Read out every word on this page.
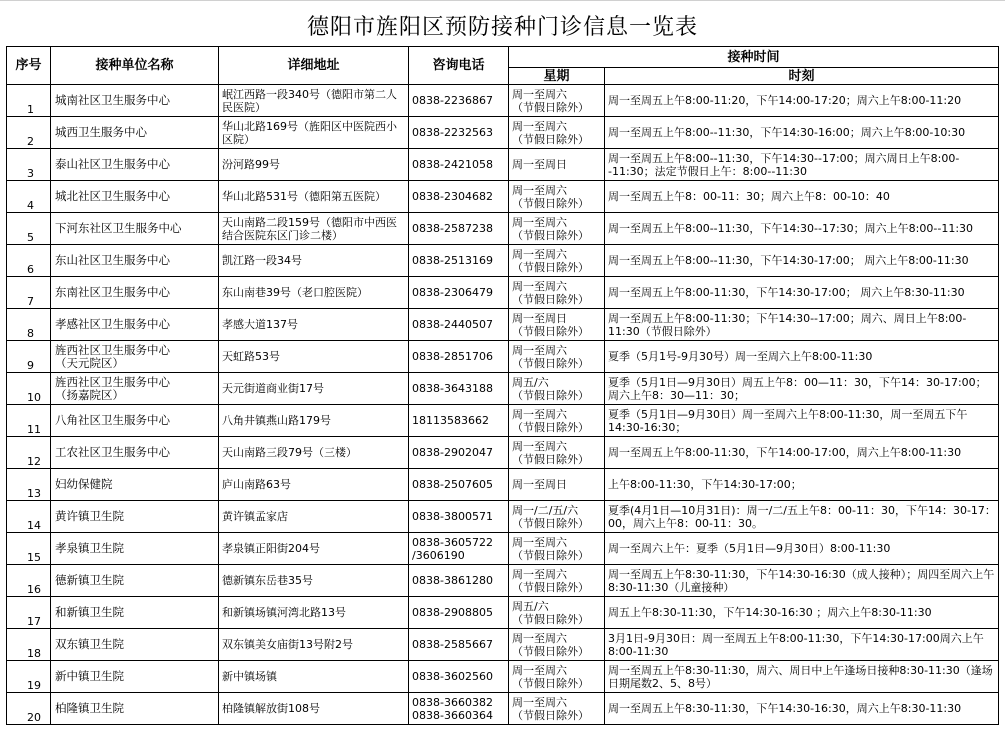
德阳市旌阳区预防接种门诊信息一览表
序号	接种单位名称	详细地址	咨询电话	接种时间	
				星期	时刻
1	城南社区卫生服务中心	岷江西路一段340号（德阳市第二人民医院）	0838-2236867	周一至周六
（节假日除外）	周一至周五上午8:00-11:20，下午14:00-17:20；周六上午8:00-11:20
2	城西卫生服务中心	华山北路169号（旌阳区中医院西小区院）	0838-2232563	周一至周六
（节假日除外）	周一至周五上午8:00--11:30，下午14:30-16:00；周六上午8:00-10:30
3	泰山社区卫生服务中心	汾河路99号	0838-2421058	周一至周日	周一至周五上午8:00--11:30，下午14:30--17:00；周六周日上午8:00--11:30；法定节假日上午：8:00--11:30
4	城北社区卫生服务中心	华山北路531号（德阳第五医院）	0838-2304682	周一至周六
（节假日除外）	周一至周五上午8：00-11：30；周六上午8：00-10：40
5	下河东社区卫生服务中心	天山南路二段159号（德阳市中西医结合医院东区门诊二楼）	0838-2587238	周一至周六
（节假日除外）	周一至周五上午8:00--11:30，下午14:30--17:30；周六上午8:00--11:30
6	东山社区卫生服务中心	凯江路一段34号	0838-2513169	周一至周六
（节假日除外）	周一至周五上午8:00--11:30，下午14:30-17:00； 周六上午8:00-11:30
7	东南社区卫生服务中心	东山南巷39号（老口腔医院）	0838-2306479	周一至周六
（节假日除外）	周一至周五上午8:00-11:30，下午14:30-17:00； 周六上午8:30-11:30
8	孝感社区卫生服务中心	孝感大道137号	0838-2440507	周一至周日
（节假日除外）	周一至周五上午8:00-11:30；下午14:30--17:00；周六、周日上午8:00-11:30（节假日除外）
9	旌西社区卫生服务中心
（天元院区）	天虹路53号	0838-2851706	周一至周六
（节假日除外）	夏季（5月1号-9月30号）周一至周六上午8:00-11:30
10	旌西社区卫生服务中心
（扬嘉院区）	天元街道商业街17号	0838-3643188	周五/六
（节假日除外）	夏季（5月1日—9月30日）周五上午8：00—11：30，下午14：30-17:00；周六上午8：30—11：30；
11	八角社区卫生服务中心	八角井镇燕山路179号	18113583662	周一至周六
（节假日除外）	夏季（5月1日—9月30日）周一至周六上午8:00-11:30，周一至周五下午14:30-16:30；
12	工农社区卫生服务中心	天山南路三段79号（三楼）	0838-2902047	周一至周六
（节假日除外）	周一至周五上午8:00-11:30，下午14:00-17:00，周六上午8:00-11:30
13	妇幼保健院	庐山南路63号	0838-2507605	周一至周日	上午8:00-11:30，下午14:30-17:00；
14	黄许镇卫生院	黄许镇孟家店	0838-3800571	周一/二/五/六
（节假日除外）	夏季(4月1日—10月31日)：周一/二/五上午8：00-11：30，下午14：30-17：00，周六上午8：00-11：30。
15	孝泉镇卫生院	孝泉镇正阳街204号	0838-3605722
/3606190	周一至周六
（节假日除外）	周一至周六上午：夏季（5月1日—9月30日）8:00-11:30
16	德新镇卫生院	德新镇东岳巷35号	0838-3861280	周一至周六
（节假日除外）	周一至周五上午8:30-11:30，下午14:30-16:30（成人接种）；周四至周六上午8:30-11:30（儿童接种）
17	和新镇卫生院	和新镇场镇河湾北路13号	0838-2908805	周五/六
（节假日除外）	周五上午8:30-11:30，下午14:30-16:30 ；周六上午8:30-11:30
18	双东镇卫生院	双东镇美女庙街13号附2号	0838-2585667	周一至周六
（节假日除外）	3月1日-9月30日：周一至周五上午8:00-11:30，下午14:30-17:00周六上午8:00-11:30
19	新中镇卫生院	新中镇场镇	0838-3602560	周一至周六
（节假日除外）	周一至周五上午8:30-11:30，周六、周日中上午逢场日接种8:30-11:30（逢场日期尾数2、5、8号）
20	柏隆镇卫生院	柏隆镇解放街108号	0838-3660382
0838-3660364	周一至周六
（节假日除外）	周一至周五上午8:30-11:30，下午14:30-16:30，周六上午8:30-11:30
